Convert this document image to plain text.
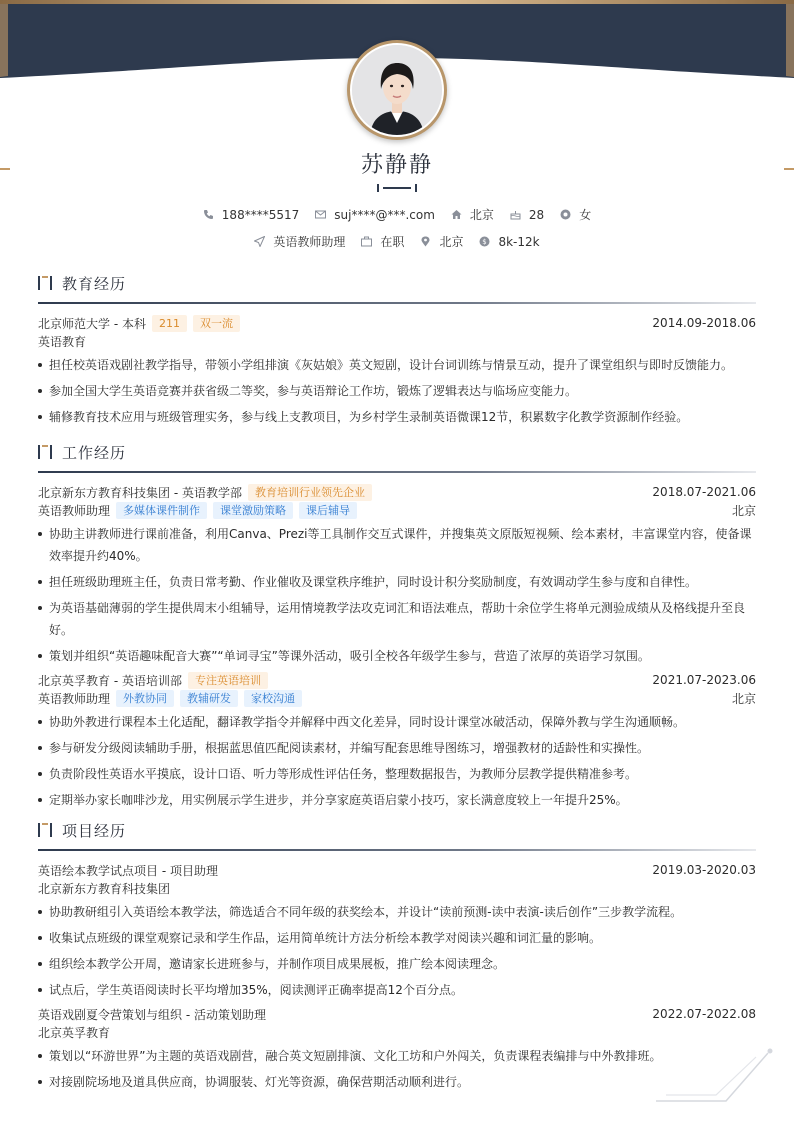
苏静静
188****5517	suj****@***.com	北京	28	女
英语教师助理	在职	北京	$ 8k-12k
教育经历
北京师范大学 - 本科	211	双一流	2014.09-2018.06
英语教育
担任校英语戏剧社教学指导，带领小学组排演《灰姑娘》英文短剧，设计台词训练与情景互动，提升了课堂组织与即时反馈能力。
参加全国大学生英语竞赛并获省级二等奖，参与英语辩论工作坊，锻炼了逻辑表达与临场应变能力。
辅修教育技术应用与班级管理实务，参与线上支教项目，为乡村学生录制英语微课12节，积累数字化教学资源制作经验。
工作经历
北京新东方教育科技集团 - 英语教学部	教育培训行业领先企业	2018.07-2021.06
英语教师助理	多媒体课件制作	课堂激励策略	课后辅导	北京
协助主讲教师进行课前准备，利用Canva、Prezi等工具制作交互式课件，并搜集英文原版短视频、绘本素材，丰富课堂内容，使备课效率提升约40%。
担任班级助理班主任，负责日常考勤、作业催收及课堂秩序维护，同时设计积分奖励制度，有效调动学生参与度和自律性。
为英语基础薄弱的学生提供周末小组辅导，运用情境教学法攻克词汇和语法难点，帮助十余位学生将单元测验成绩从及格线提升至良好。
策划并组织“英语趣味配音大赛”“单词寻宝”等课外活动，吸引全校各年级学生参与，营造了浓厚的英语学习氛围。
北京英孚教育 - 英语培训部	专注英语培训	2021.07-2023.06
英语教师助理	外教协同	教辅研发	家校沟通	北京
协助外教进行课程本土化适配，翻译教学指令并解释中西文化差异，同时设计课堂冰破活动，保障外教与学生沟通顺畅。
参与研发分级阅读辅助手册，根据蓝思值匹配阅读素材，并编写配套思维导图练习，增强教材的适龄性和实操性。
负责阶段性英语水平摸底，设计口语、听力等形成性评估任务，整理数据报告，为教师分层教学提供精准参考。
定期举办家长咖啡沙龙，用实例展示学生进步，并分享家庭英语启蒙小技巧，家长满意度较上一年提升25%。
项目经历
英语绘本教学试点项目 - 项目助理	2019.03-2020.03
北京新东方教育科技集团
协助教研组引入英语绘本教学法，筛选适合不同年级的获奖绘本，并设计“读前预测-读中表演-读后创作”三步教学流程。
收集试点班级的课堂观察记录和学生作品，运用简单统计方法分析绘本教学对阅读兴趣和词汇量的影响。
组织绘本教学公开周，邀请家长进班参与，并制作项目成果展板，推广绘本阅读理念。
试点后，学生英语阅读时长平均增加35%，阅读测评正确率提高12个百分点。
英语戏剧夏令营策划与组织 - 活动策划助理	2022.07-2022.08
北京英孚教育
策划以“环游世界”为主题的英语戏剧营，融合英文短剧排演、文化工坊和户外闯关，负责课程表编排与中外教排班。
对接剧院场地及道具供应商，协调服装、灯光等资源，确保营期活动顺利进行。
